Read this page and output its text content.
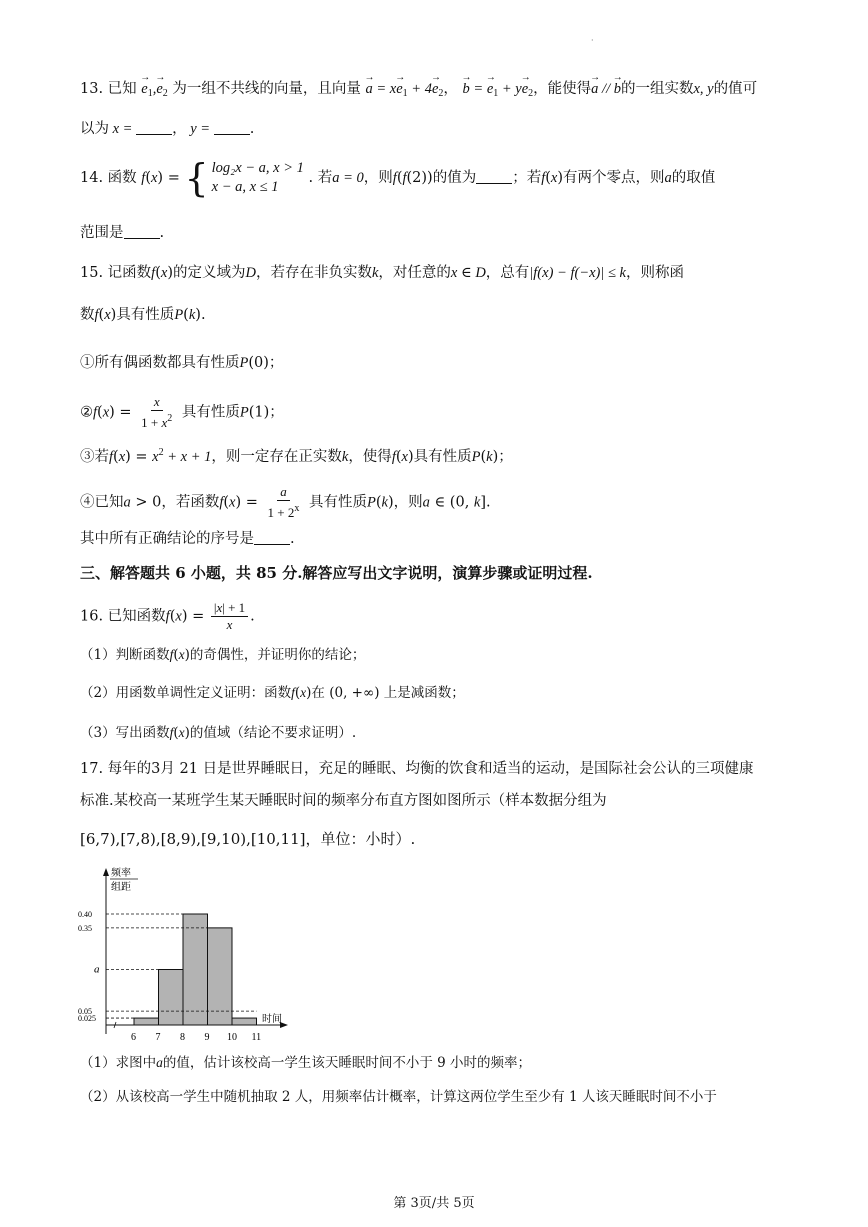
·
13. 已知 → $e_1,\to e_2$ 为一组不共线的向量，且向量 → $a = x\to e_1 + 4\to e_2$， → b = → $e_1 + y\to e_2$，能使得→ a // → b的一组实数x, y的值可
以为 x = ， y = .
14. 函数 f(x) = { log₂x − a, x > 1
x − a, x ≤ 1
. 若a = 0，则f(f(2))的值为 ；若f(x)有两个零点，则a的取值
范围是 .
15. 记函数f(x)的定义域为D，若存在非负实数k，对任意的x ∈ D，总有|f(x) − f(−x)| ≤ k，则称函
数f(x)具有性质P(k).
①所有偶函数都具有性质P(0)；
②f(x) = $\frac{x}{1 + x^2}$ 具有性质P(1)；
③若$f(x) = x^2 + x + 1$，则一定存在正实数k，使得f(x)具有性质P(k)；
④已知a > 0，若函数$f(x) = \frac{a}{1 + 2^x}$ 具有性质P(k)，则a ∈ (0, k].
其中所有正确结论的序号是 .
三、解答题共 6 小题，共 85 分.解答应写出文字说明，演算步骤或证明过程.
16. 已知函数$f(x) = \frac{|x| + 1}{x}$ .
（1）判断函数f(x)的奇偶性，并证明你的结论；
（2）用函数单调性定义证明：函数f(x)在 (0, +∞) 上是减函数；
（3）写出函数f(x)的值域（结论不要求证明）.
17. 每年的3月 21 日是世界睡眠日，充足的睡眠、均衡的饮食和适当的运动，是国际社会公认的三项健康
标准.某校高一某班学生某天睡眠时间的频率分布直方图如图所示（样本数据分组为
[6,7),[7,8),[8,9),[9,10),[10,11]，单位：小时）.
频率
组距
时间
0.025
0.05
a
0.35
0.40
6 7 8 9 10 11
（1）求图中a的值，估计该校高一学生该天睡眠时间不小于 9 小时的频率；
（2）从该校高一学生中随机抽取 2 人，用频率估计概率，计算这两位学生至少有 1 人该天睡眠时间不小于
第 3页/共 5页
